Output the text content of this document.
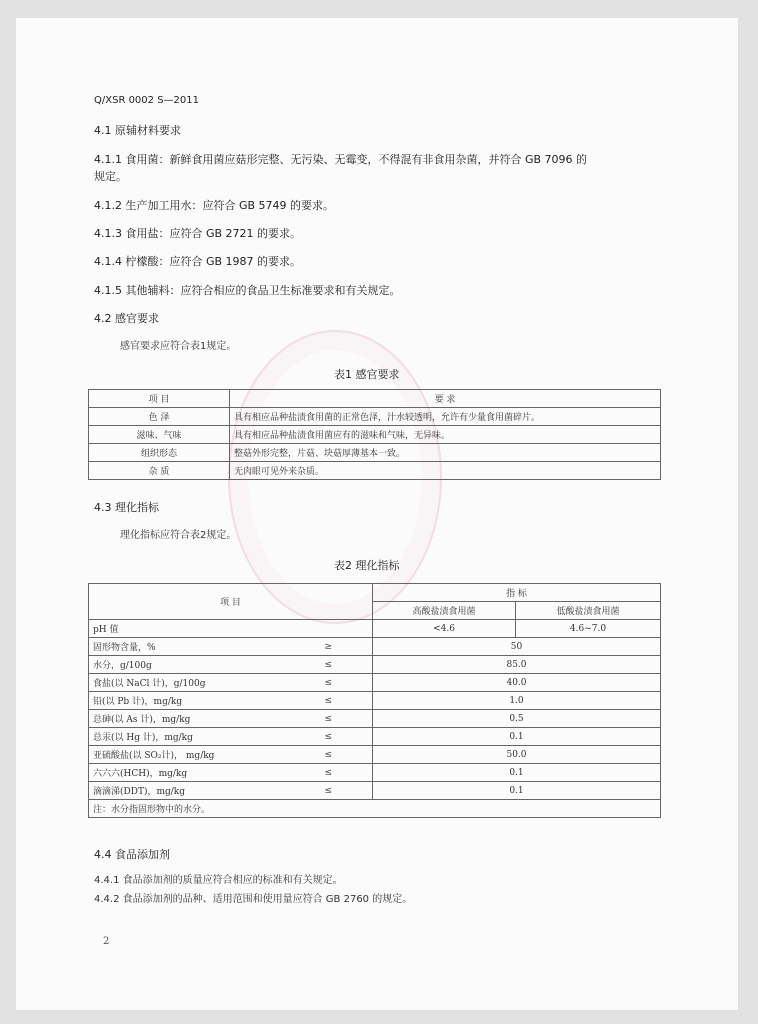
Q/XSR 0002 S—2011
4.1 原辅材料要求
4.1.1 食用菌：新鲜食用菌应菇形完整、无污染、无霉变，不得混有非食用杂菌，并符合 GB 7096 的
规定。
4.1.2 生产加工用水：应符合 GB 5749 的要求。
4.1.3 食用盐：应符合 GB 2721 的要求。
4.1.4 柠檬酸：应符合 GB 1987 的要求。
4.1.5 其他辅料：应符合相应的食品卫生标准要求和有关规定。
4.2 感官要求
感官要求应符合表1规定。
表1 感官要求
项 目	要 求
色 泽	具有相应品种盐渍食用菌的正常色泽，汁水较透明，允许有少量食用菌碎片。
滋味、气味	具有相应品种盐渍食用菌应有的滋味和气味，无异味。
组织形态	整菇外形完整，片菇、块菇厚薄基本一致。
杂 质	无肉眼可见外来杂质。
4.3 理化指标
理化指标应符合表2规定。
表2 理化指标
项 目		指 标	
		高酸盐渍食用菌	低酸盐渍食用菌
pH 值		<4.6	4.6~7.0
固形物含量，%	≥	50	
水分，g/100g	≤	85.0	
食盐(以 NaCl 计)，g/100g	≤	40.0	
铅(以 Pb 计)，mg/kg	≤	1.0	
总砷(以 As 计)，mg/kg	≤	0.5	
总汞(以 Hg 计)，mg/kg	≤	0.1	
亚硫酸盐(以 SO₂计)， mg/kg	≤	50.0	
六六六(HCH)，mg/kg	≤	0.1	
滴滴涕(DDT)，mg/kg	≤	0.1	
注：水分指固形物中的水分。			
4.4 食品添加剂
4.4.1 食品添加剂的质量应符合相应的标准和有关规定。
4.4.2 食品添加剂的品种、适用范围和使用量应符合 GB 2760 的规定。
2
